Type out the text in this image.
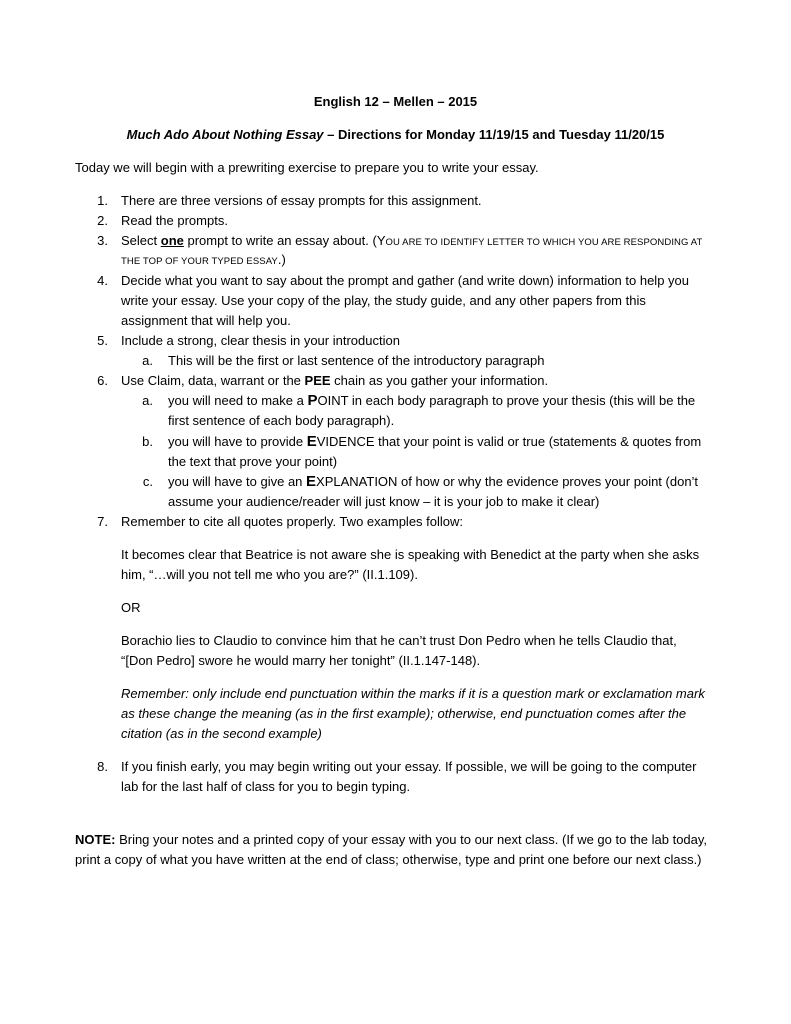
English 12 – Mellen – 2015
Much Ado About Nothing Essay – Directions for Monday 11/19/15 and Tuesday 11/20/15
Today we will begin with a prewriting exercise to prepare you to write your essay.
1. There are three versions of essay prompts for this assignment.
2. Read the prompts.
3. Select one prompt to write an essay about. (YOU ARE TO IDENTIFY LETTER TO WHICH YOU ARE RESPONDING AT
THE TOP OF YOUR TYPED ESSAY.)
4. Decide what you want to say about the prompt and gather (and write down) information to help you
write your essay. Use your copy of the play, the study guide, and any other papers from this
assignment that will help you.
5. Include a strong, clear thesis in your introduction
a. This will be the first or last sentence of the introductory paragraph
6. Use Claim, data, warrant or the PEE chain as you gather your information.
a. you will need to make a POINT in each body paragraph to prove your thesis (this will be the
first sentence of each body paragraph).
b. you will have to provide EVIDENCE that your point is valid or true (statements & quotes from
the text that prove your point)
c. you will have to give an EXPLANATION of how or why the evidence proves your point (don’t
assume your audience/reader will just know – it is your job to make it clear)
7. Remember to cite all quotes properly. Two examples follow:
It becomes clear that Beatrice is not aware she is speaking with Benedict at the party when she asks
him, “…will you not tell me who you are?” (II.1.109).
OR
Borachio lies to Claudio to convince him that he can’t trust Don Pedro when he tells Claudio that,
“[Don Pedro] swore he would marry her tonight” (II.1.147-148).
Remember: only include end punctuation within the marks if it is a question mark or exclamation mark
as these change the meaning (as in the first example); otherwise, end punctuation comes after the
citation (as in the second example)
8. If you finish early, you may begin writing out your essay. If possible, we will be going to the computer
lab for the last half of class for you to begin typing.
NOTE: Bring your notes and a printed copy of your essay with you to our next class. (If we go to the lab today,
print a copy of what you have written at the end of class; otherwise, type and print one before our next class.)
